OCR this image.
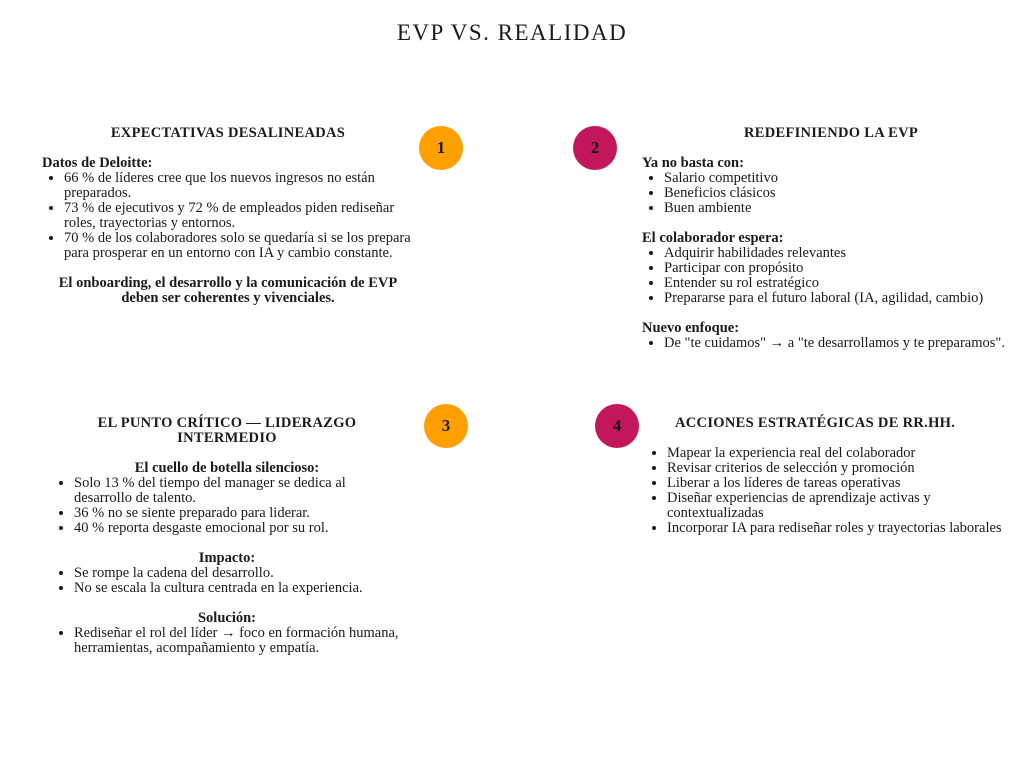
EVP VS. REALIDAD
1	2
3	4
EXPECTATIVAS DESALINEADAS
Datos de Deloitte:
• 66 % de líderes cree que los nuevos ingresos no están preparados.
• 73 % de ejecutivos y 72 % de empleados piden rediseñar roles, trayectorias y entornos.
• 70 % de los colaboradores solo se quedaría si se los prepara para prosperar en un entorno con IA y cambio constante.
El onboarding, el desarrollo y la comunicación de EVP deben ser coherentes y vivenciales.
REDEFINIENDO LA EVP
Ya no basta con:
• Salario competitivo
• Beneficios clásicos
• Buen ambiente
El colaborador espera:
• Adquirir habilidades relevantes
• Participar con propósito
• Entender su rol estratégico
• Prepararse para el futuro laboral (IA, agilidad, cambio)
Nuevo enfoque:
• De "te cuidamos" → a "te desarrollamos y te preparamos".
EL PUNTO CRÍTICO — LIDERAZGO INTERMEDIO
El cuello de botella silencioso:
• Solo 13 % del tiempo del manager se dedica al desarrollo de talento.
• 36 % no se siente preparado para liderar.
• 40 % reporta desgaste emocional por su rol.
Impacto:
• Se rompe la cadena del desarrollo.
• No se escala la cultura centrada en la experiencia.
Solución:
• Rediseñar el rol del líder → foco en formación humana, herramientas, acompañamiento y empatía.
ACCIONES ESTRATÉGICAS DE RR.HH.
• Mapear la experiencia real del colaborador
• Revisar criterios de selección y promoción
• Liberar a los líderes de tareas operativas
• Diseñar experiencias de aprendizaje activas y contextualizadas
• Incorporar IA para rediseñar roles y trayectorias laborales
